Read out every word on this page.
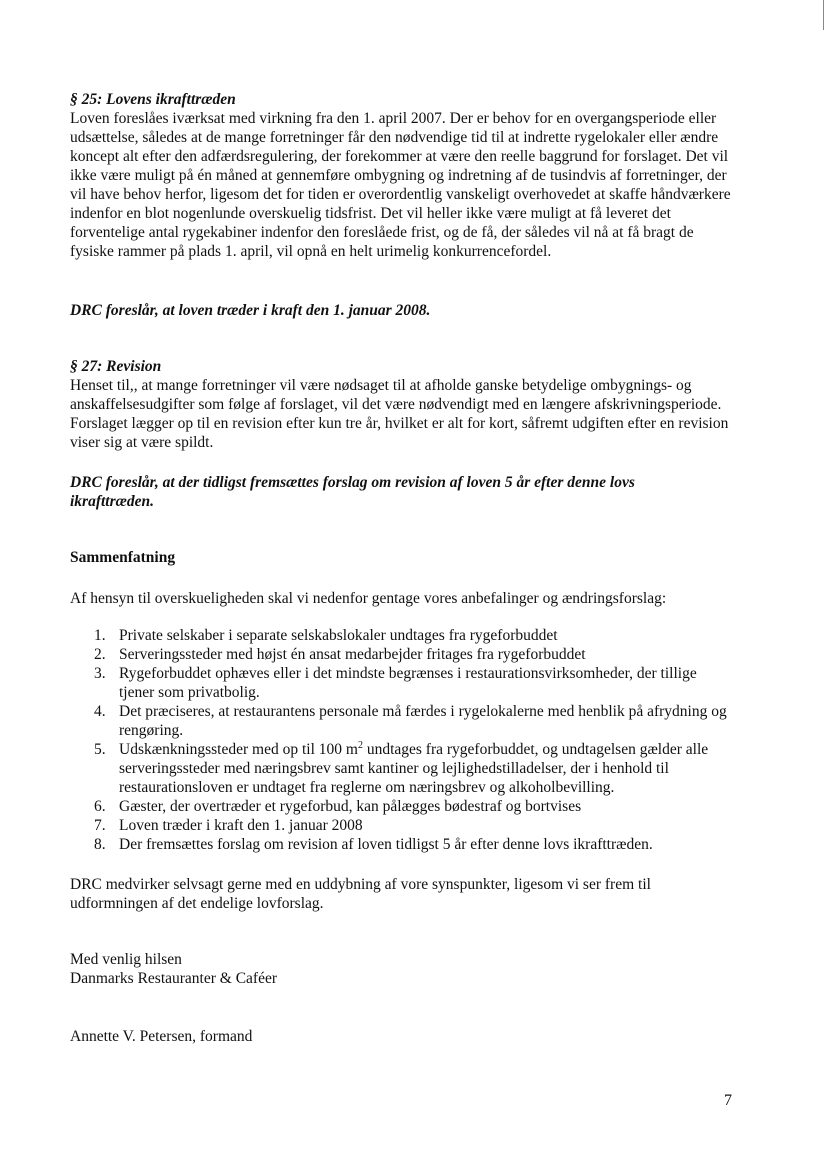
§ 25: Lovens ikrafttræden
Loven foreslåes iværksat med virkning fra den 1. april 2007. Der er behov for en overgangsperiode eller udsættelse, således at de mange forretninger får den nødvendige tid til at indrette rygelokaler eller ændre koncept alt efter den adfærdsregulering, der forekommer at være den reelle baggrund for forslaget. Det vil ikke være muligt på én måned at gennemføre ombygning og indretning af de tusindvis af forretninger, der vil have behov herfor, ligesom det for tiden er overordentlig vanskeligt overhovedet at skaffe håndværkere indenfor en blot nogenlunde overskuelig tidsfrist. Det vil heller ikke være muligt at få leveret det forventelige antal rygekabiner indenfor den foreslåede frist, og de få, der således vil nå at få bragt de fysiske rammer på plads 1. april, vil opnå en helt urimelig konkurrencefordel.
DRC foreslår, at loven træder i kraft den 1. januar 2008.
§ 27: Revision
Henset til,, at mange forretninger vil være nødsaget til at afholde ganske betydelige ombygnings- og anskaffelsesudgifter som følge af forslaget, vil det være nødvendigt med en længere afskrivningsperiode. Forslaget lægger op til en revision efter kun tre år, hvilket er alt for kort, såfremt udgiften efter en revision viser sig at være spildt.
DRC foreslår, at der tidligst fremsættes forslag om revision af loven 5 år efter denne lovs ikrafttræden.
Sammenfatning
Af hensyn til overskueligheden skal vi nedenfor gentage vores anbefalinger og ændringsforslag:
1. Private selskaber i separate selskabslokaler undtages fra rygeforbuddet
2. Serveringssteder med højst én ansat medarbejder fritages fra rygeforbuddet
3. Rygeforbuddet ophæves eller i det mindste begrænses i restaurationsvirksomheder, der tillige tjener som privatbolig.
4. Det præciseres, at restaurantens personale må færdes i rygelokalerne med henblik på afrydning og rengøring.
5. Udskænkningssteder med op til 100 $m^2$ undtages fra rygeforbuddet, og undtagelsen gælder alle serveringssteder med næringsbrev samt kantiner og lejlighedstilladelser, der i henhold til restaurationsloven er undtaget fra reglerne om næringsbrev og alkoholbevilling.
6. Gæster, der overtræder et rygeforbud, kan pålægges bødestraf og bortvises
7. Loven træder i kraft den 1. januar 2008
8. Der fremsættes forslag om revision af loven tidligst 5 år efter denne lovs ikrafttræden.
DRC medvirker selvsagt gerne med en uddybning af vore synspunkter, ligesom vi ser frem til udformningen af det endelige lovforslag.
Med venlig hilsen
Danmarks Restauranter & Caféer
Annette V. Petersen, formand
7
